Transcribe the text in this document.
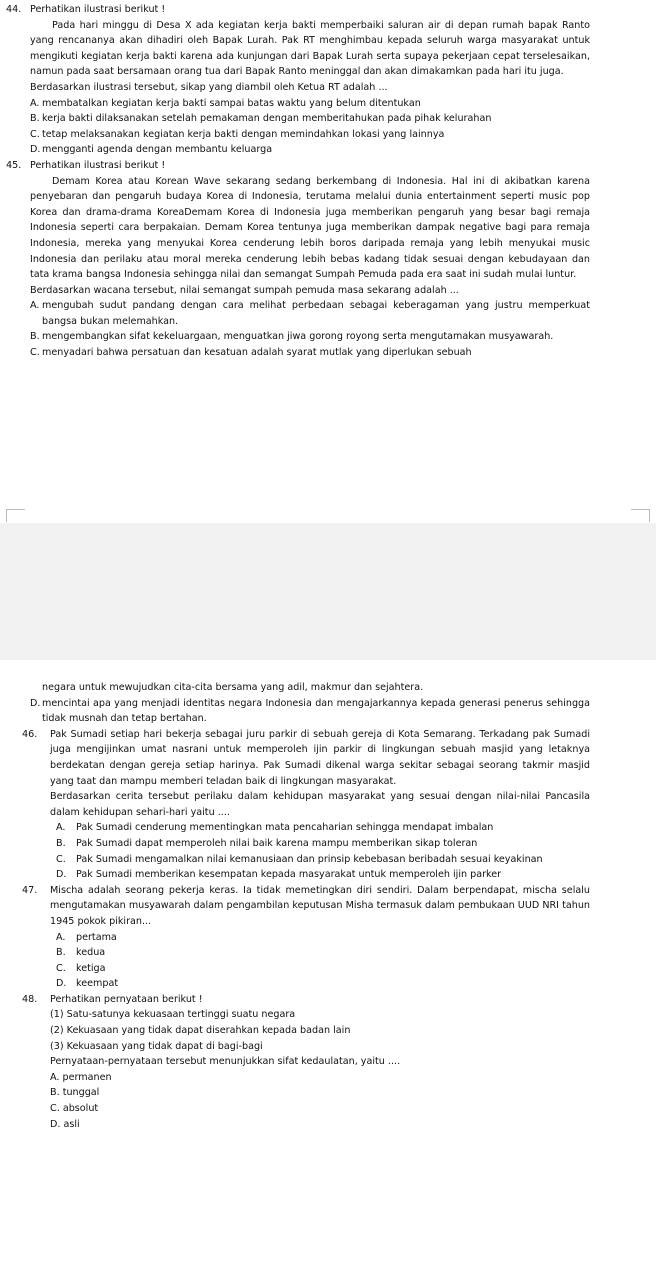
44. Perhatikan ilustrasi berikut !

Pada hari minggu di Desa X ada kegiatan kerja bakti memperbaiki saluran air di depan rumah bapak Ranto yang rencananya akan dihadiri oleh Bapak Lurah. Pak RT menghimbau kepada seluruh warga masyarakat untuk mengikuti kegiatan kerja bakti karena ada kunjungan dari Bapak Lurah serta supaya pekerjaan cepat terselesaikan, namun pada saat bersamaan orang tua dari Bapak Ranto meninggal dan akan dimakamkan pada hari itu juga.

Berdasarkan ilustrasi tersebut, sikap yang diambil oleh Ketua RT adalah ...

A. membatalkan kegiatan kerja bakti sampai batas waktu yang belum ditentukan
B. kerja bakti dilaksanakan setelah pemakaman dengan memberitahukan pada pihak kelurahan
C. tetap melaksanakan kegiatan kerja bakti dengan memindahkan lokasi yang lainnya
D. mengganti agenda dengan membantu keluarga
45. Perhatikan ilustrasi berikut !

Demam Korea atau Korean Wave sekarang sedang berkembang di Indonesia. Hal ini di akibatkan karena penyebaran dan pengaruh budaya Korea di Indonesia, terutama melalui dunia entertainment seperti music pop Korea dan drama-drama KoreaDemam Korea di Indonesia juga memberikan pengaruh yang besar bagi remaja Indonesia seperti cara berpakaian. Demam Korea tentunya juga memberikan dampak negative bagi para remaja Indonesia, mereka yang menyukai Korea cenderung lebih boros daripada remaja yang lebih menyukai music Indonesia dan perilaku atau moral mereka cenderung lebih bebas kadang tidak sesuai dengan kebudayaan dan tata krama bangsa Indonesia sehingga nilai dan semangat Sumpah Pemuda pada era saat ini sudah mulai luntur.

Berdasarkan wacana tersebut, nilai semangat sumpah pemuda masa sekarang adalah ...

A. mengubah sudut pandang dengan cara melihat perbedaan sebagai keberagaman yang justru memperkuat bangsa bukan melemahkan.
B. mengembangkan sifat kekeluargaan, menguatkan jiwa gorong royong serta mengutamakan musyawarah.
C. menyadari bahwa persatuan dan kesatuan adalah syarat mutlak yang diperlukan sebuah

negara untuk mewujudkan cita-cita bersama yang adil, makmur dan sejahtera.

D. mencintai apa yang menjadi identitas negara Indonesia dan mengajarkannya kepada generasi penerus sehingga tidak musnah dan tetap bertahan.
46. Pak Sumadi setiap hari bekerja sebagai juru parkir di sebuah gereja di Kota Semarang. Terkadang pak Sumadi juga mengijinkan umat nasrani untuk memperoleh ijin parkir di lingkungan sebuah masjid yang letaknya berdekatan dengan gereja setiap harinya. Pak Sumadi dikenal warga sekitar sebagai seorang takmir masjid yang taat dan mampu memberi teladan baik di lingkungan masyarakat.

Berdasarkan cerita tersebut perilaku dalam kehidupan masyarakat yang sesuai dengan nilai-nilai Pancasila dalam kehidupan sehari-hari yaitu ....

A. Pak Sumadi cenderung mementingkan mata pencaharian sehingga mendapat imbalan
B. Pak Sumadi dapat memperoleh nilai baik karena mampu memberikan sikap toleran
C. Pak Sumadi mengamalkan nilai kemanusiaan dan prinsip kebebasan beribadah sesuai keyakinan
D. Pak Sumadi memberikan kesempatan kepada masyarakat untuk memperoleh ijin parker
47. Mischa adalah seorang pekerja keras. Ia tidak memetingkan diri sendiri. Dalam berpendapat, mischa selalu mengutamakan musyawarah dalam pengambilan keputusan Misha termasuk dalam pembukaan UUD NRI tahun 1945 pokok pikiran...

A. pertama
B. kedua
C. ketiga
D. keempat
48. Perhatikan pernyataan berikut !

(1) Satu-satunya kekuasaan tertinggi suatu negara

(2) Kekuasaan yang tidak dapat diserahkan kepada badan lain

(3) Kekuasaan yang tidak dapat di bagi-bagi

Pernyataan-pernyataan tersebut menunjukkan sifat kedaulatan, yaitu ....

A. permanen
B. tunggal
C. absolut
D. asli
